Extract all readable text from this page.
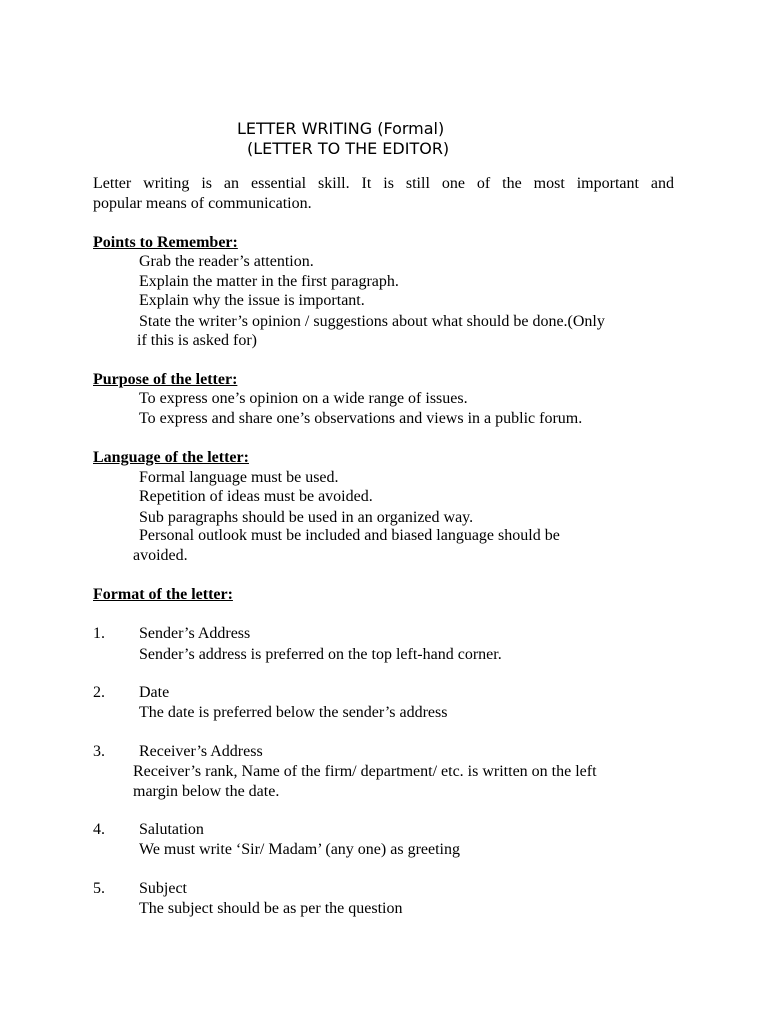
LETTER WRITING (Formal)
(LETTER TO THE EDITOR)
Letter writing is an essential skill. It is still one of the most important and
popular means of communication.
Points to Remember:
Grab the reader’s attention.
Explain the matter in the first paragraph.
Explain why the issue is important.
State the writer’s opinion / suggestions about what should be done.(Only
if this is asked for)
Purpose of the letter:
To express one’s opinion on a wide range of issues.
To express and share one’s observations and views in a public forum.
Language of the letter:
Formal language must be used.
Repetition of ideas must be avoided.
Sub paragraphs should be used in an organized way.
Personal outlook must be included and biased language should be
avoided.
Format of the letter:
1. Sender’s Address
Sender’s address is preferred on the top left-hand corner.
2. Date
The date is preferred below the sender’s address
3. Receiver’s Address
Receiver’s rank, Name of the firm/ department/ etc. is written on the left
margin below the date.
4. Salutation
We must write ‘Sir/ Madam’ (any one) as greeting
5. Subject
The subject should be as per the question
